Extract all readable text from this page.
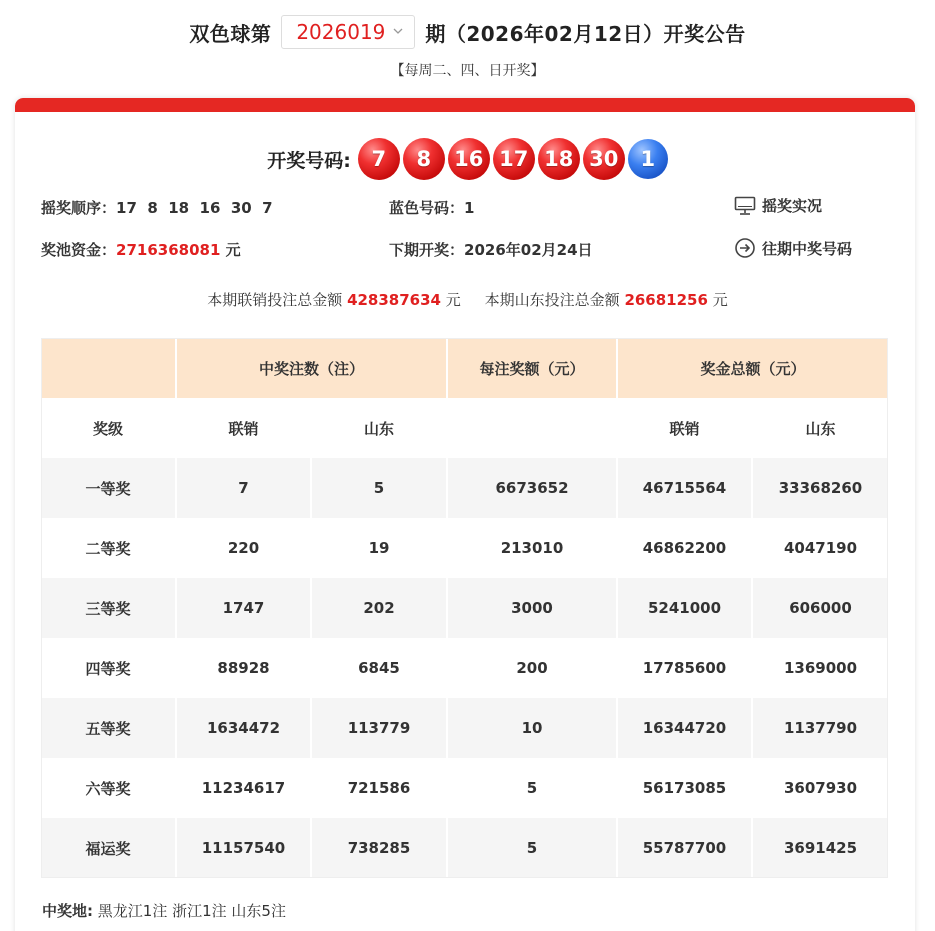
双色球第 2026019 期（2026年02月12日）开奖公告
【每周二、四、日开奖】
开奖号码: 7	8	16 17 18 30	1
摇奖顺序：17  8  18  16  30  7	蓝色号码：1	摇奖实况
奖池资金：2716368081 元	下期开奖：2026年02月24日	往期中奖号码
本期联销投注总金额 428387634 元 本期山东投注总金额 26681256 元
	中奖注数（注）		每注奖额（元）	奖金总额（元）	
奖级	联销	山东		联销	山东
一等奖	7	5	6673652	46715564	33368260
二等奖	220	19	213010	46862200	4047190
三等奖	1747	202	3000	5241000	606000
四等奖	88928	6845	200	17785600	1369000
五等奖	1634472	113779	10	16344720	1137790
六等奖	11234617	721586	5	56173085	3607930
福运奖	11157540	738285	5	55787700	3691425
中奖地: 黑龙江1注 浙江1注 山东5注
